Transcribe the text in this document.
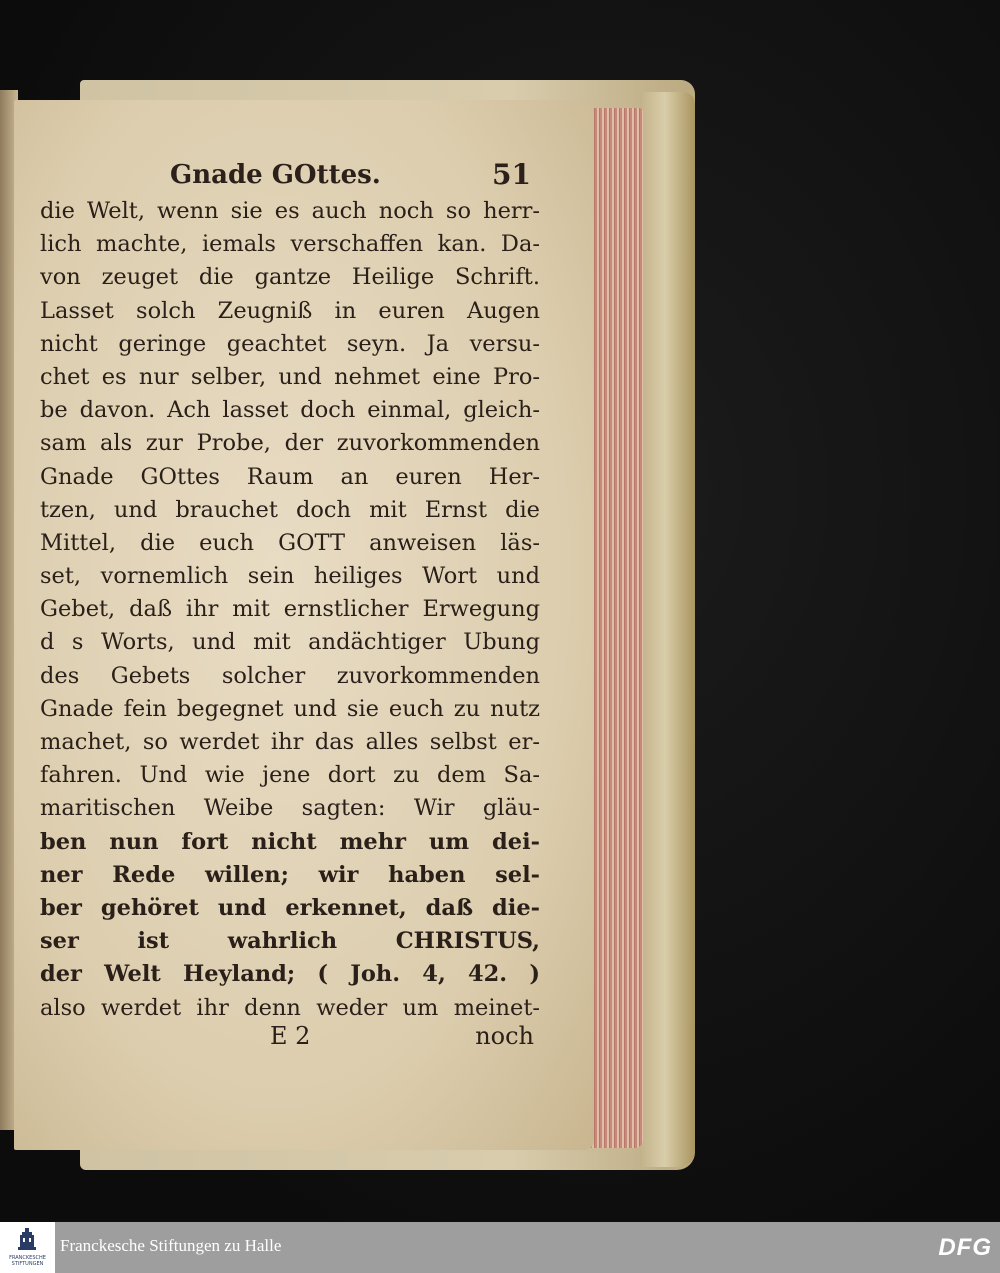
Gnade GOttes.	51
die Welt, wenn sie es auch noch so herr-
lich machte, iemals verschaffen kan. Da-
von zeuget die gantze Heilige Schrift.
Lasset solch Zeugniß in euren Augen
nicht geringe geachtet seyn. Ja versu-
chet es nur selber, und nehmet eine Pro-
be davon. Ach lasset doch einmal, gleich-
sam als zur Probe, der zuvorkommenden
Gnade GOttes Raum an euren Her-
tzen, und brauchet doch mit Ernst die
Mittel, die euch GOTT anweisen läs-
set, vornemlich sein heiliges Wort und
Gebet, daß ihr mit ernstlicher Erwegung
d s Worts, und mit andächtiger Ubung
des Gebets solcher zuvorkommenden
Gnade fein begegnet und sie euch zu nutz
machet, so werdet ihr das alles selbst er-
fahren. Und wie jene dort zu dem Sa-
maritischen Weibe sagten: Wir gläu-
ben nun fort nicht mehr um dei-
ner Rede willen; wir haben sel-
ber gehöret und erkennet, daß die-
ser ist wahrlich CHRISTUS,
der Welt Heyland; ( Joh. 4, 42. )
also werdet ihr denn weder um meinet-
E 2	noch
FRANCKESCHE STIFTUNGEN
Franckesche Stiftungen zu Halle	DFG
